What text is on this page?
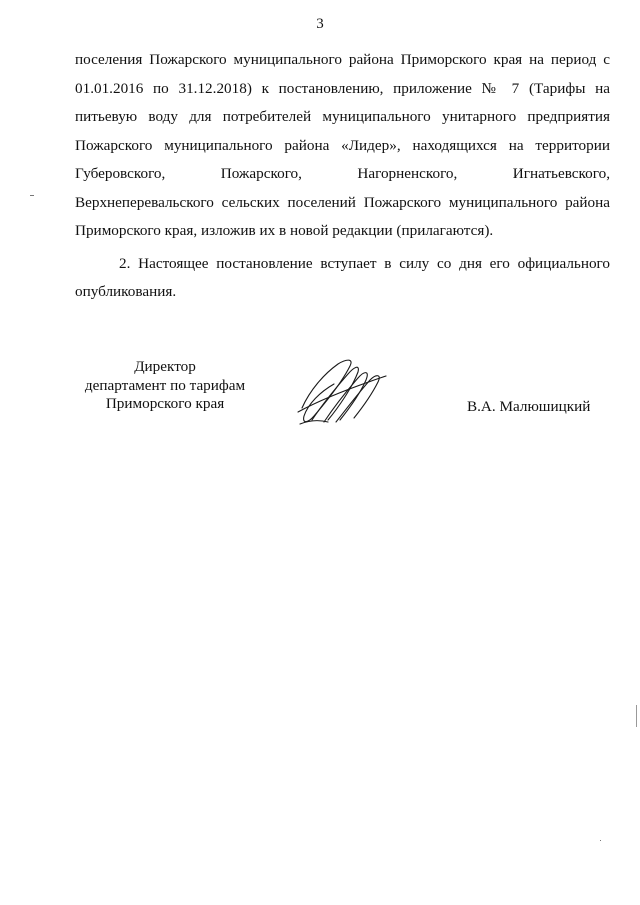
3

поселения Пожарского муниципального района Приморского края на период с
01.01.2016 по 31.12.2018) к постановлению, приложение № 7 (Тарифы на
питьевую воду для потребителей муниципального унитарного предприятия
Пожарского муниципального района «Лидер», находящихся на территории
Губеровского, Пожарского, Нагорненского, Игнатьевского,
Верхнеперевальского сельских поселений Пожарского муниципального района
Приморского края, изложив их в новой редакции (прилагаются).

2. Настоящее постановление вступает в силу со дня его официального опубликования.

Директор
департамент по тарифам
Приморского края	В.А. Малюшицкий
